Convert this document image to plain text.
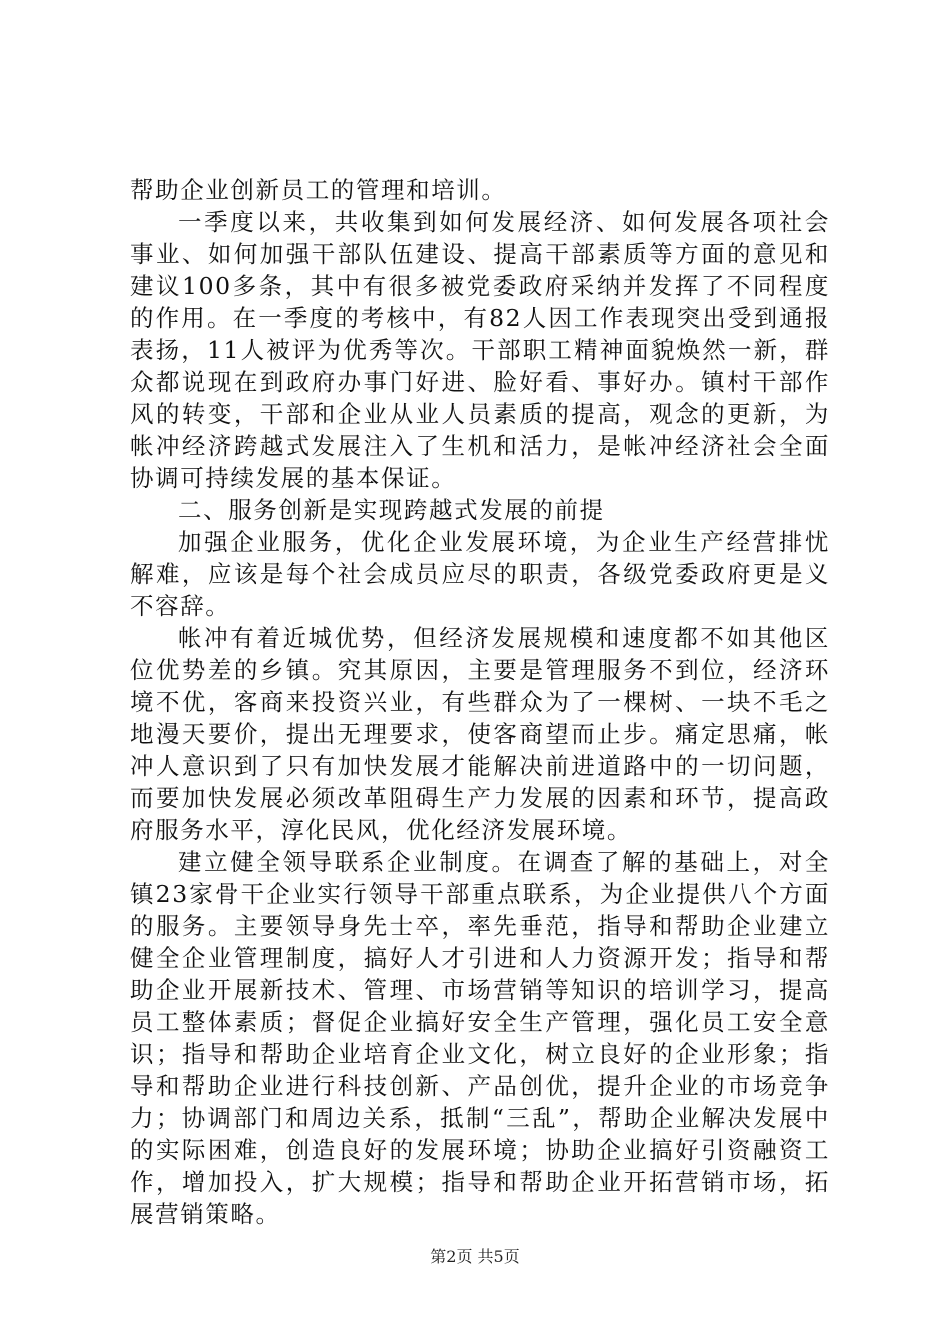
帮助企业创新员工的管理和培训。

一季度以来，共收集到如何发展经济、如何发展各项社会事业、如何加强干部队伍建设、提高干部素质等方面的意见和建议100多条，其中有很多被党委政府采纳并发挥了不同程度的作用。在一季度的考核中，有82人因工作表现突出受到通报表扬，11人被评为优秀等次。干部职工精神面貌焕然一新，群众都说现在到政府办事门好进、脸好看、事好办。镇村干部作风的转变，干部和企业从业人员素质的提高，观念的更新，为帐冲经济跨越式发展注入了生机和活力，是帐冲经济社会全面协调可持续发展的基本保证。

二、服务创新是实现跨越式发展的前提

加强企业服务，优化企业发展环境，为企业生产经营排忧解难，应该是每个社会成员应尽的职责，各级党委政府更是义不容辞。

帐冲有着近城优势，但经济发展规模和速度都不如其他区位优势差的乡镇。究其原因，主要是管理服务不到位，经济环境不优，客商来投资兴业，有些群众为了一棵树、一块不毛之地漫天要价，提出无理要求，使客商望而止步。痛定思痛，帐冲人意识到了只有加快发展才能解决前进道路中的一切问题，而要加快发展必须改革阻碍生产力发展的因素和环节，提高政府服务水平，淳化民风，优化经济发展环境。

建立健全领导联系企业制度。在调查了解的基础上，对全镇23家骨干企业实行领导干部重点联系，为企业提供八个方面的服务。主要领导身先士卒，率先垂范，指导和帮助企业建立健全企业管理制度，搞好人才引进和人力资源开发；指导和帮助企业开展新技术、管理、市场营销等知识的培训学习，提高员工整体素质；督促企业搞好安全生产管理，强化员工安全意识；指导和帮助企业培育企业文化，树立良好的企业形象；指导和帮助企业进行科技创新、产品创优，提升企业的市场竞争力；协调部门和周边关系，抵制“三乱”，帮助企业解决发展中的实际困难，创造良好的发展环境；协助企业搞好引资融资工作，增加投入，扩大规模；指导和帮助企业开拓营销市场，拓展营销策略。

第2页 共5页
